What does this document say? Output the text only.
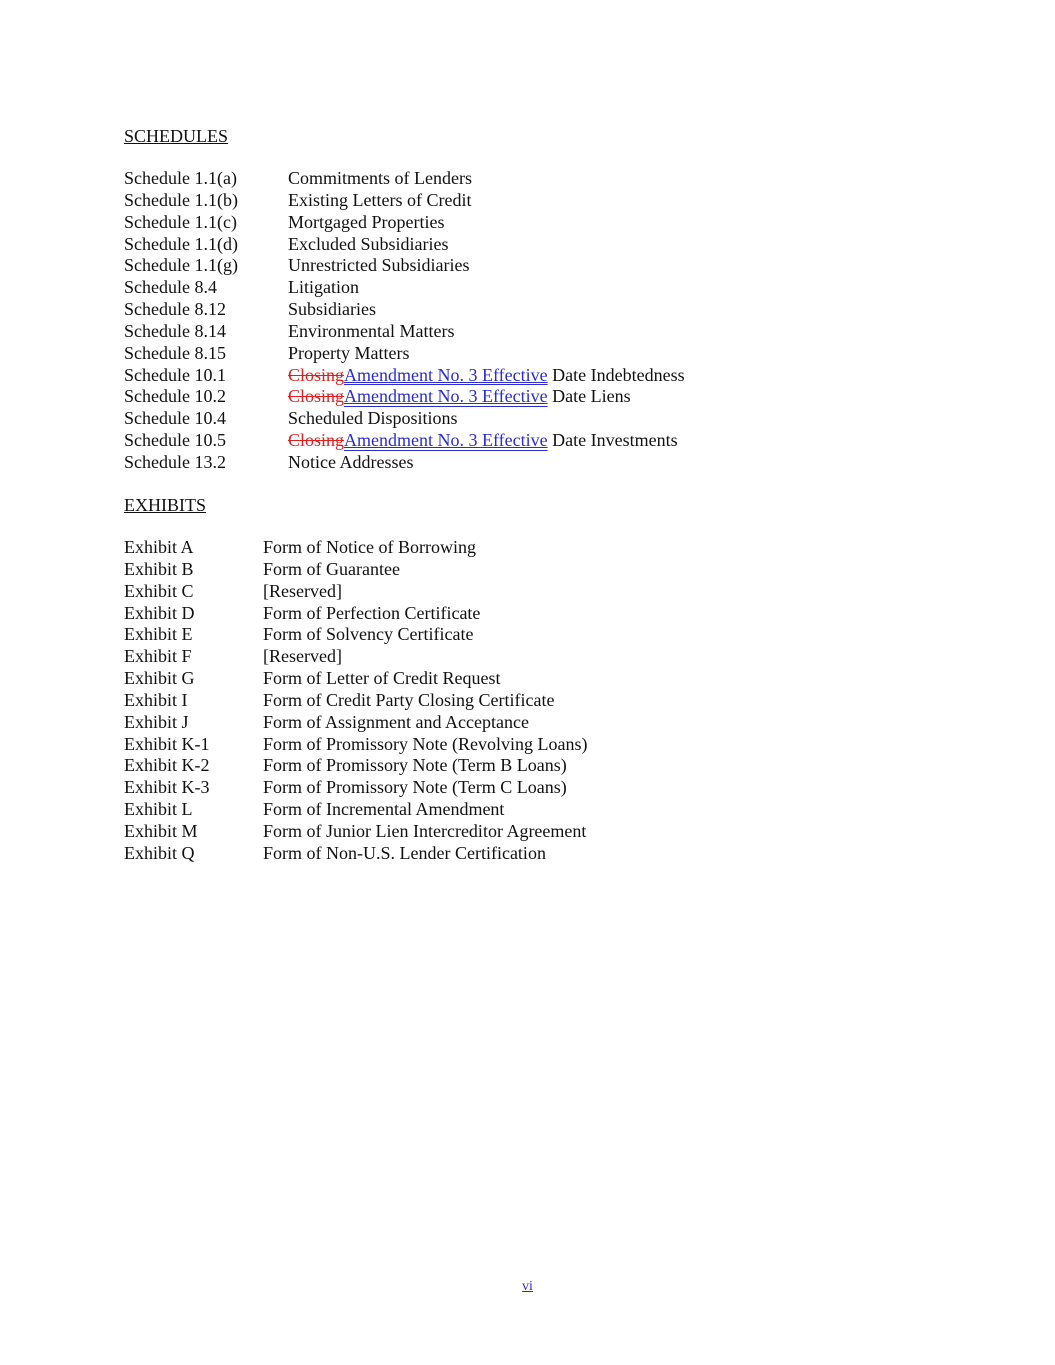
SCHEDULES
Schedule 1.1(a)	Commitments of Lenders
Schedule 1.1(b)	Existing Letters of Credit
Schedule 1.1(c)	Mortgaged Properties
Schedule 1.1(d)	Excluded Subsidiaries
Schedule 1.1(g)	Unrestricted Subsidiaries
Schedule 8.4	Litigation
Schedule 8.12	Subsidiaries
Schedule 8.14	Environmental Matters
Schedule 8.15	Property Matters
Schedule 10.1	ClosingAmendment No. 3 Effective Date Indebtedness
Schedule 10.2	ClosingAmendment No. 3 Effective Date Liens
Schedule 10.4	Scheduled Dispositions
Schedule 10.5	ClosingAmendment No. 3 Effective Date Investments
Schedule 13.2	Notice Addresses
EXHIBITS
Exhibit A	Form of Notice of Borrowing
Exhibit B	Form of Guarantee
Exhibit C	[Reserved]
Exhibit D	Form of Perfection Certificate
Exhibit E	Form of Solvency Certificate
Exhibit F	[Reserved]
Exhibit G	Form of Letter of Credit Request
Exhibit I	Form of Credit Party Closing Certificate
Exhibit J	Form of Assignment and Acceptance
Exhibit K-1	Form of Promissory Note (Revolving Loans)
Exhibit K-2	Form of Promissory Note (Term B Loans)
Exhibit K-3	Form of Promissory Note (Term C Loans)
Exhibit L	Form of Incremental Amendment
Exhibit M	Form of Junior Lien Intercreditor Agreement
Exhibit Q	Form of Non-U.S. Lender Certification
vi
